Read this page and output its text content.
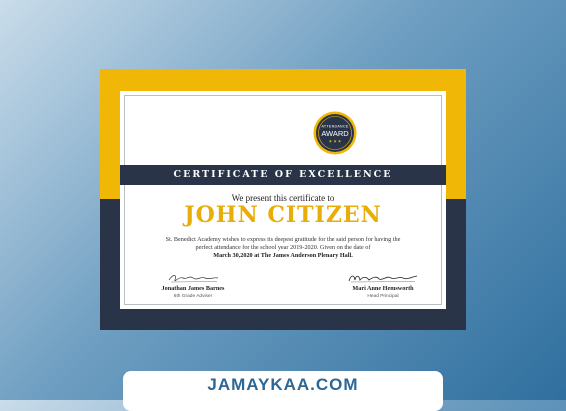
ATTENDANCE
AWARD
★ ★ ★
CERTIFICATE OF EXCELLENCE
We present this certificate to
JOHN CITIZEN
St. Benedict Academy wishes to express its deepest gratitude for the said person for having the
perfect attendance for the school year 2019-2020. Given on the date of
March 30,2020 at The James Anderson Plenary Hall.
Jonathan James Barnes
6th Grade Adviser
Mari Anne Hemsworth
Head Principal
JAMAYKAA.COM
